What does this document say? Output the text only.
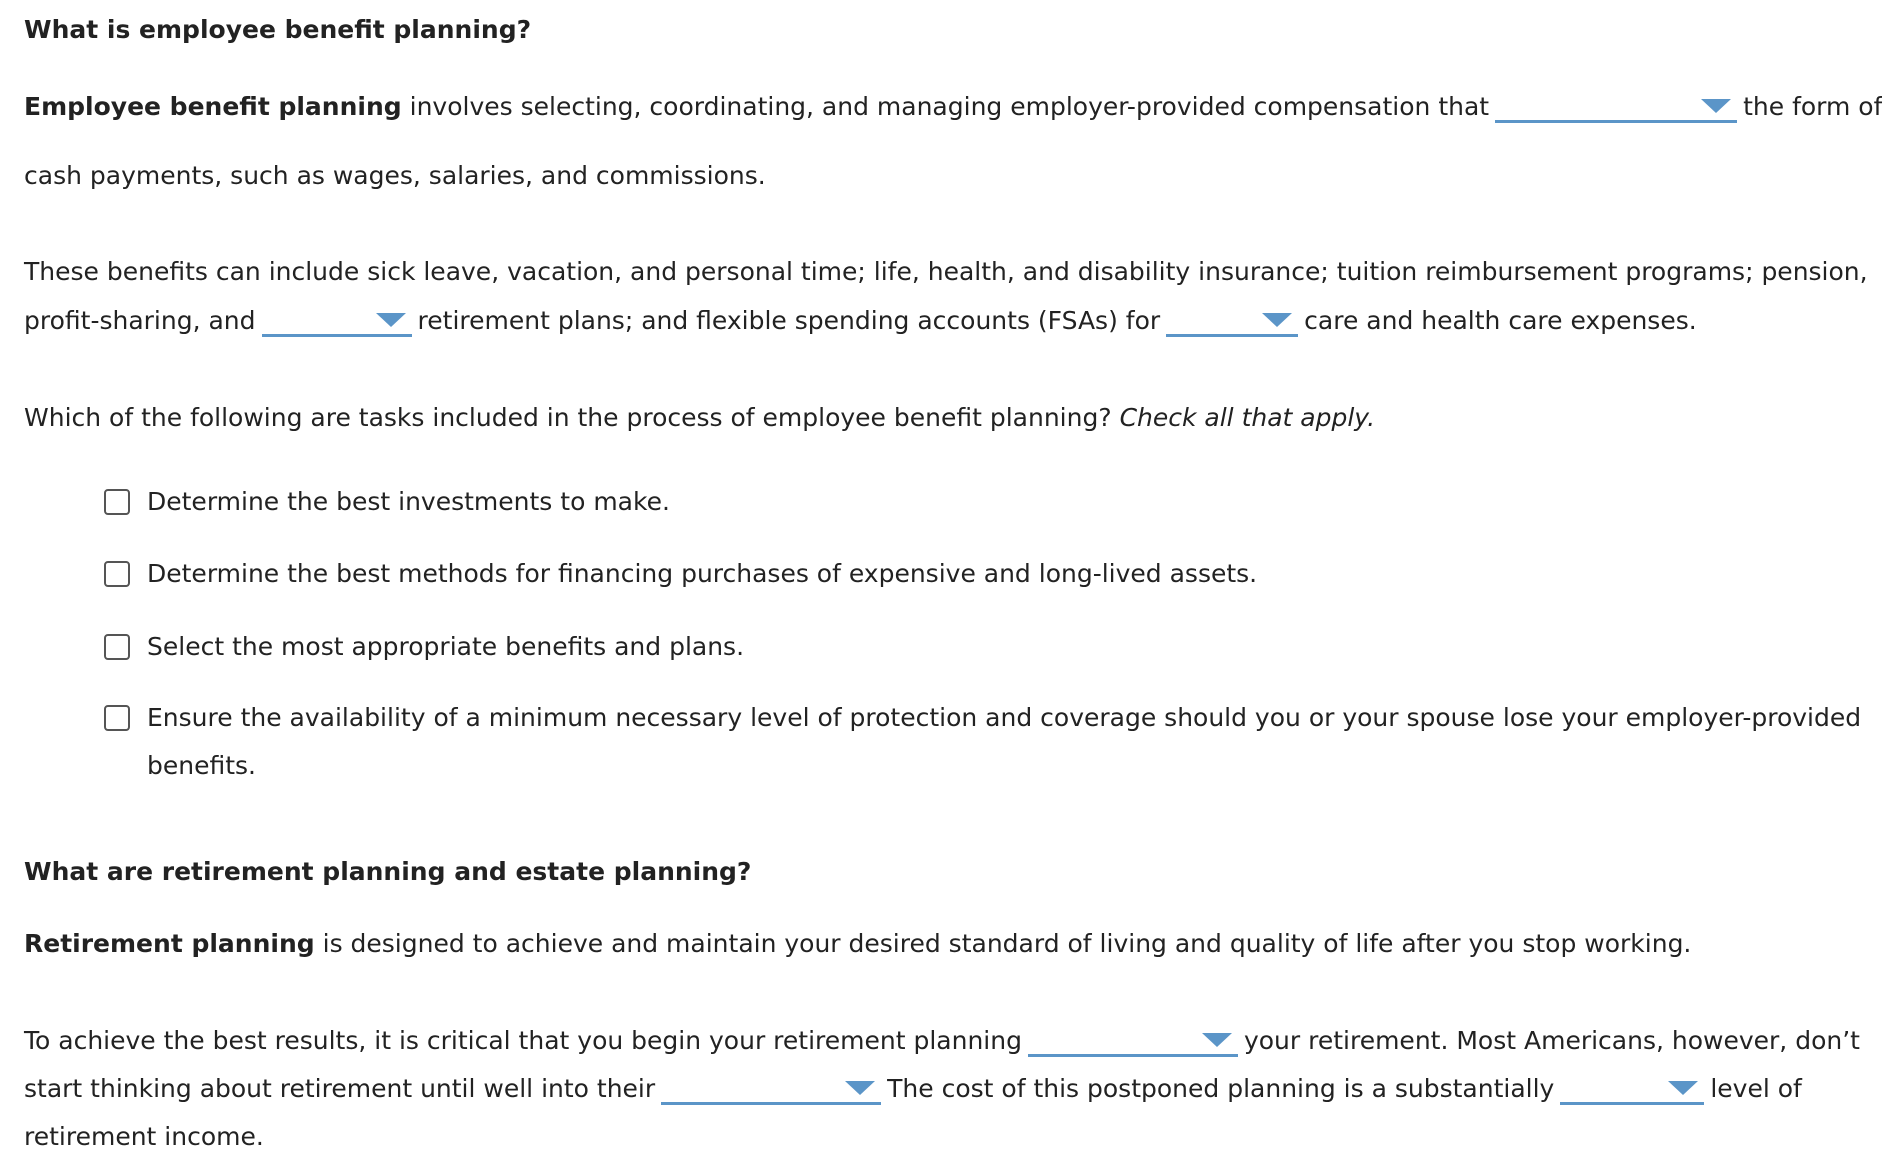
What is employee benefit planning?
Employee benefit planning involves selecting, coordinating, and managing employer-provided compensation that	the form of
cash payments, such as wages, salaries, and commissions.
These benefits can include sick leave, vacation, and personal time; life, health, and disability insurance; tuition reimbursement programs; pension,
profit-sharing, and	retirement plans; and flexible spending accounts (FSAs) for	care and health care expenses.
Which of the following are tasks included in the process of employee benefit planning? Check all that apply.
Determine the best investments to make.
Determine the best methods for financing purchases of expensive and long-lived assets.
Select the most appropriate benefits and plans.
Ensure the availability of a minimum necessary level of protection and coverage should you or your spouse lose your employer-provided
benefits.
What are retirement planning and estate planning?
Retirement planning is designed to achieve and maintain your desired standard of living and quality of life after you stop working.
To achieve the best results, it is critical that you begin your retirement planning	your retirement. Most Americans, however, don’t
start thinking about retirement until well into their	The cost of this postponed planning is a substantially	level of
retirement income.
